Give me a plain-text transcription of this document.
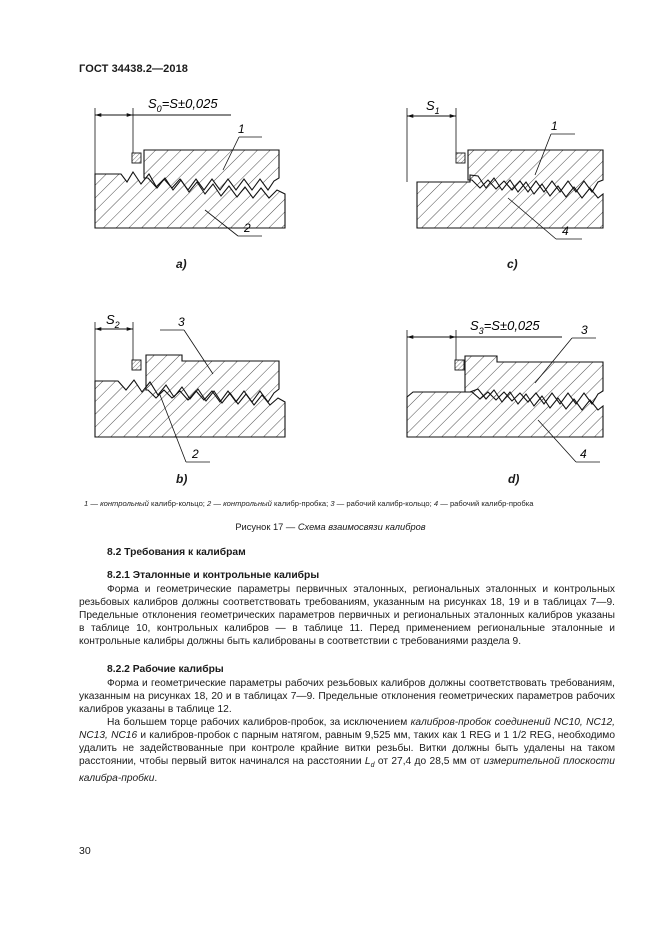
ГОСТ 34438.2—2018
$S_0=S\pm 0,025$
1
2
$S_1$
1
4
$S_2$	3
2
$S_3=S\pm 0,025$	3
4
a)	c)
b)	d)
1 — контрольный калибр-кольцо; 2 — контрольный калибр-пробка; 3 — рабочий калибр-кольцо; 4 — рабочий калибр-пробка
Рисунок 17 — Схема взаимосвязи калибров
8.2 Требования к калибрам
8.2.1 Эталонные и контрольные калибры
Форма и геометрические параметры первичных эталонных, региональных эталонных и контрольных резьбовых калибров должны соответствовать требованиям, указанным на рисунках 18, 19 и в таблицах 7—9. Предельные отклонения геометрических параметров первичных и региональных эталонных калибров указаны в таблице 10, контрольных калибров — в таблице 11. Перед применением региональные эталонные и контрольные калибры должны быть калиброваны в соответствии с требованиями раздела 9.
8.2.2 Рабочие калибры
Форма и геометрические параметры рабочих резьбовых калибров должны соответствовать требованиям, указанным на рисунках 18, 20 и в таблицах 7—9. Предельные отклонения геометрических параметров рабочих калибров указаны в таблице 12.
На большем торце рабочих калибров-пробок, за исключением калибров-пробок соединений NC10, NC12, NC13, NC16 и калибров-пробок с парным натягом, равным 9,525 мм, таких как 1 REG и 1 1/2 REG, необходимо удалить не задействованные при контроле крайние витки резьбы. Витки должны быть удалены на таком расстоянии, чтобы первый виток начинался на расстоянии $L_d$ от 27,4 до 28,5 мм от измерительной плоскости калибра-пробки.
30
